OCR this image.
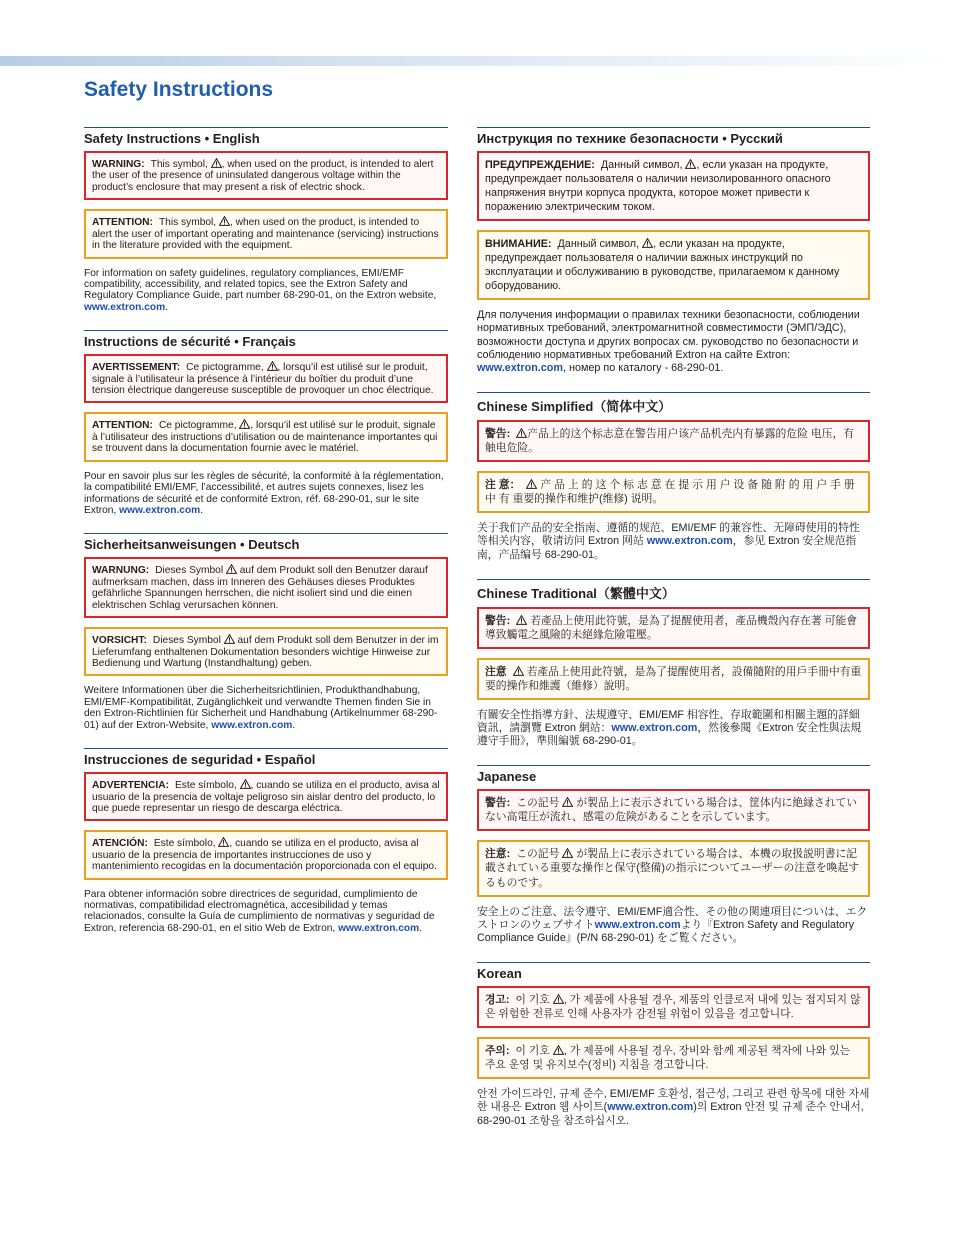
Safety Instructions
Safety Instructions • English
WARNING: This symbol,
, when used on the product, is intended to alert the user of the presence of uninsulated dangerous voltage within the product’s enclosure that may present a risk of electric shock.
ATTENTION: This symbol,
, when used on the product, is intended to alert the user of important operating and maintenance (servicing) instructions in the literature provided with the equipment.

For information on safety guidelines, regulatory compliances, EMI/EMF compatibility, accessibility, and related topics, see the Extron Safety and Regulatory Compliance Guide, part number 68-290-01, on the Extron website, www.extron.com.

Instructions de sécurité • Français
AVERTISSEMENT: Ce pictogramme,
, lorsqu’il est utilisé sur le produit, signale à l’utilisateur la présence à l’intérieur du boîtier du produit d’une tension électrique dangereuse susceptible de provoquer un choc électrique.
ATTENTION: Ce pictogramme,
, lorsqu’il est utilisé sur le produit, signale à l’utilisateur des instructions d’utilisation ou de maintenance importantes qui se trouvent dans la documentation fournie avec le matériel.

Pour en savoir plus sur les règles de sécurité, la conformité à la réglementation, la compatibilité EMI/EMF, l’accessibilité, et autres sujets connexes, lisez les informations de sécurité et de conformité Extron, réf. 68-290-01, sur le site Extron, www.extron.com.

Sicherheitsanweisungen • Deutsch
WARNUNG: Dieses Symbol
auf dem Produkt soll den Benutzer darauf aufmerksam machen, dass im Inneren des Gehäuses dieses Produktes gefährliche Spannungen herrschen, die nicht isoliert sind und die einen elektrischen Schlag verursachen können.
VORSICHT: Dieses Symbol
auf dem Produkt soll dem Benutzer in der im Lieferumfang enthaltenen Dokumentation besonders wichtige Hinweise zur Bedienung und Wartung (Instandhaltung) geben.

Weitere Informationen über die Sicherheitsrichtlinien, Produkthandhabung, EMI/EMF-Kompatibilität, Zugänglichkeit und verwandte Themen finden Sie in den Extron-Richtlinien für Sicherheit und Handhabung (Artikelnummer 68-290-01) auf der Extron-Website, www.extron.com.

Instrucciones de seguridad • Español
ADVERTENCIA: Este símbolo,
, cuando se utiliza en el producto, avisa al usuario de la presencia de voltaje peligroso sin aislar dentro del producto, lo que puede representar un riesgo de descarga eléctrica.
ATENCIÓN: Este símbolo,
, cuando se utiliza en el producto, avisa al usuario de la presencia de importantes instrucciones de uso y mantenimiento recogidas en la documentación proporcionada con el equipo.

Para obtener información sobre directrices de seguridad, cumplimiento de normativas, compatibilidad electromagnética, accesibilidad y temas relacionados, consulte la Guía de cumplimiento de normativas y seguridad de Extron, referencia 68-290-01, en el sitio Web de Extron, www.extron.com.

Инструкция по технике безопасности • Русский
ПРЕДУПРЕЖДЕНИЕ: Данный символ,
, если указан на продукте, предупреждает пользователя о наличии неизолированного опасного напряжения внутри корпуса продукта, которое может привести к поражению электрическим током.
ВНИМАНИЕ: Данный символ,
, если указан на продукте, предупреждает пользователя о наличии важных инструкций по эксплуатации и обслуживанию в руководстве, прилагаемом к данному оборудованию.

Для получения информации о правилах техники безопасности, соблюдении нормативных требований, электромагнитной совместимости (ЭМП/ЭДС), возможности доступа и других вопросах см. руководство по безопасности и соблюдению нормативных требований Extron на сайте Extron: www.extron.com, номер по каталогу - 68-290-01.

Chinese Simplified（简体中文）
警告: 产品上的这个标志意在警告用户该产品机壳内有暴露的危险 电压，有触电危险。
注 意：
产 品 上 的 这 个 标 志 意 在 提 示 用 户 设 备 随 附 的 用 户 手 册 中 有 重要的操作和维护(维修) 说明。

关于我们产品的安全指南、遵循的规范、EMI/EMF 的兼容性、无障碍使用的特性等相关内容，敬请访问 Extron 网站 www.extron.com，参见 Extron 安全规范指南，产品编号 68-290-01。

Chinese Traditional（繁體中文）
警告:
若產品上使用此符號，是為了提醒使用者，產品機殼內存在著 可能會導致觸電之風險的未絕緣危險電壓。
注意
若產品上使用此符號，是為了提醒使用者，設備隨附的用戶手冊中有重要的操作和維護（維修）說明。

有關安全性指導方針、法規遵守、EMI/EMF 相容性、存取範圍和相關主題的詳細資訊，請瀏覽 Extron 網站：www.extron.com，然後參閱《Extron 安全性與法規遵守手冊》，準則編號 68-290-01。

Japanese
警告: この記号
が製品上に表示されている場合は、筐体内に絶縁されていない高電圧が流れ、感電の危険があることを示しています。
注意: この記号
が製品上に表示されている場合は、本機の取扱説明書に記載されている重要な操作と保守(整備)の指示についてユーザーの注意を喚起するものです。

安全上のご注意、法令遵守、EMI/EMF適合性、その他の関連項目についは、エクストロンのウェブサイトwww.extron.comより『Extron Safety and Regulatory Compliance Guide』(P/N 68-290-01) をご覧ください。

Korean
경고: 이 기호
, 가 제품에 사용될 경우, 제품의 인클로저 내에 있는 접지되지 않은 위험한 전류로 인해 사용자가 감전될 위험이 있음을 경고합니다.
주의: 이 기호
, 가 제품에 사용될 경우, 장비와 함께 제공된 책자에 나와 있는 주요 운영 및 유지보수(정비) 지침을 경고합니다.

안전 가이드라인, 규제 준수, EMI/EMF 호환성, 접근성, 그리고 관련 항목에 대한 자세한 내용은 Extron 웹 사이트(www.extron.com)의 Extron 안전 및 규제 준수 안내서, 68-290-01 조항을 참조하십시오.
